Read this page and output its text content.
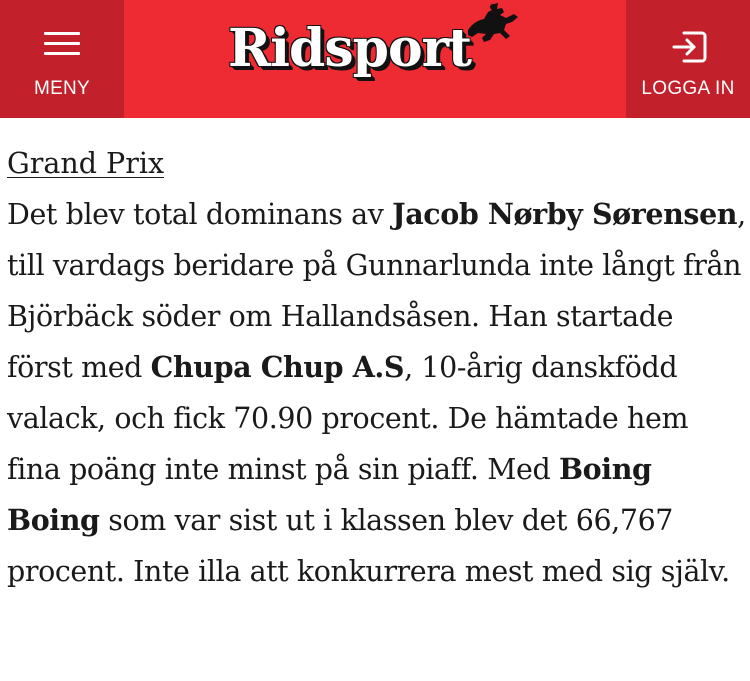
MENY
Ridsport
LOGGA IN
Grand Prix

Det blev total dominans av Jacob Nørby Sørensen, till vardags beridare på Gunnarlunda inte långt från Björbäck söder om Hallandsåsen. Han startade först med Chupa Chup A.S, 10-årig danskfödd valack, och fick 70.90 procent. De hämtade hem fina poäng inte minst på sin piaff. Med Boing Boing som var sist ut i klassen blev det 66,767 procent. Inte illa att konkurrera mest med sig själv.
